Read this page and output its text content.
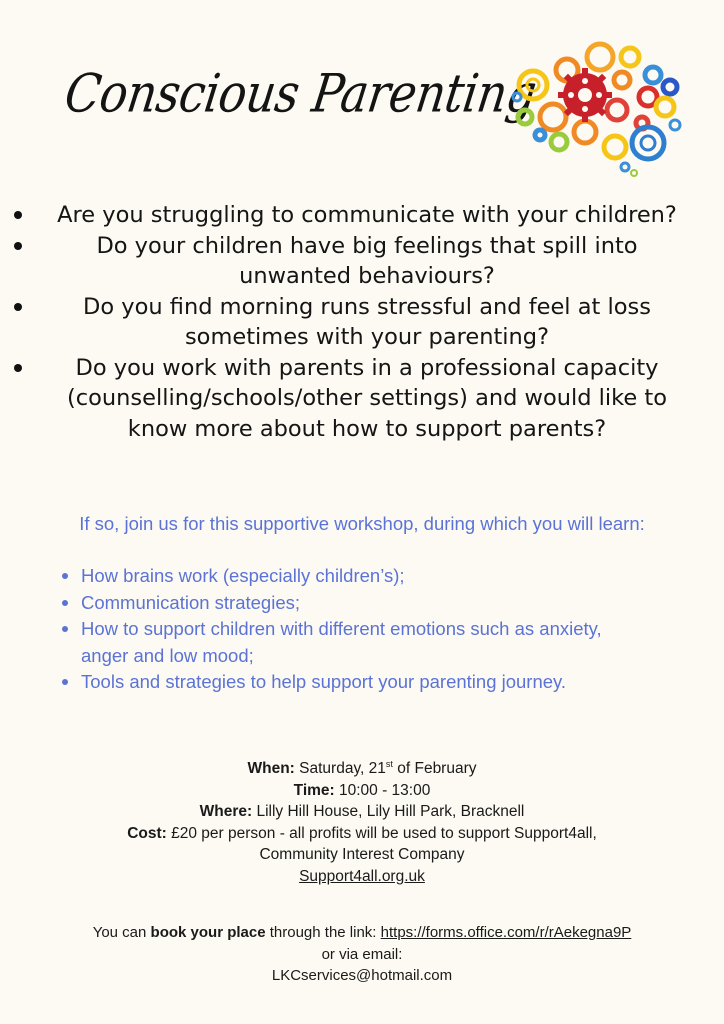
Conscious Parenting
Are you struggling to communicate with your children?
Do your children have big feelings that spill into unwanted behaviours?
Do you find morning runs stressful and feel at loss sometimes with your parenting?
Do you work with parents in a professional capacity (counselling/schools/other settings) and would like to know more about how to support parents?
If so, join us for this supportive workshop, during which you will learn:
How brains work (especially children’s);
Communication strategies;
How to support children with different emotions such as anxiety, anger and low mood;
Tools and strategies to help support your parenting journey.
When: Saturday, 21st of February
Time: 10:00 - 13:00
Where: Lilly Hill House, Lily Hill Park, Bracknell
Cost: £20 per person - all profits will be used to support Support4all, Community Interest Company
Support4all.org.uk
You can book your place through the link: https://forms.office.com/r/rAekegna9P
or via email:
LKCservices@hotmail.com
